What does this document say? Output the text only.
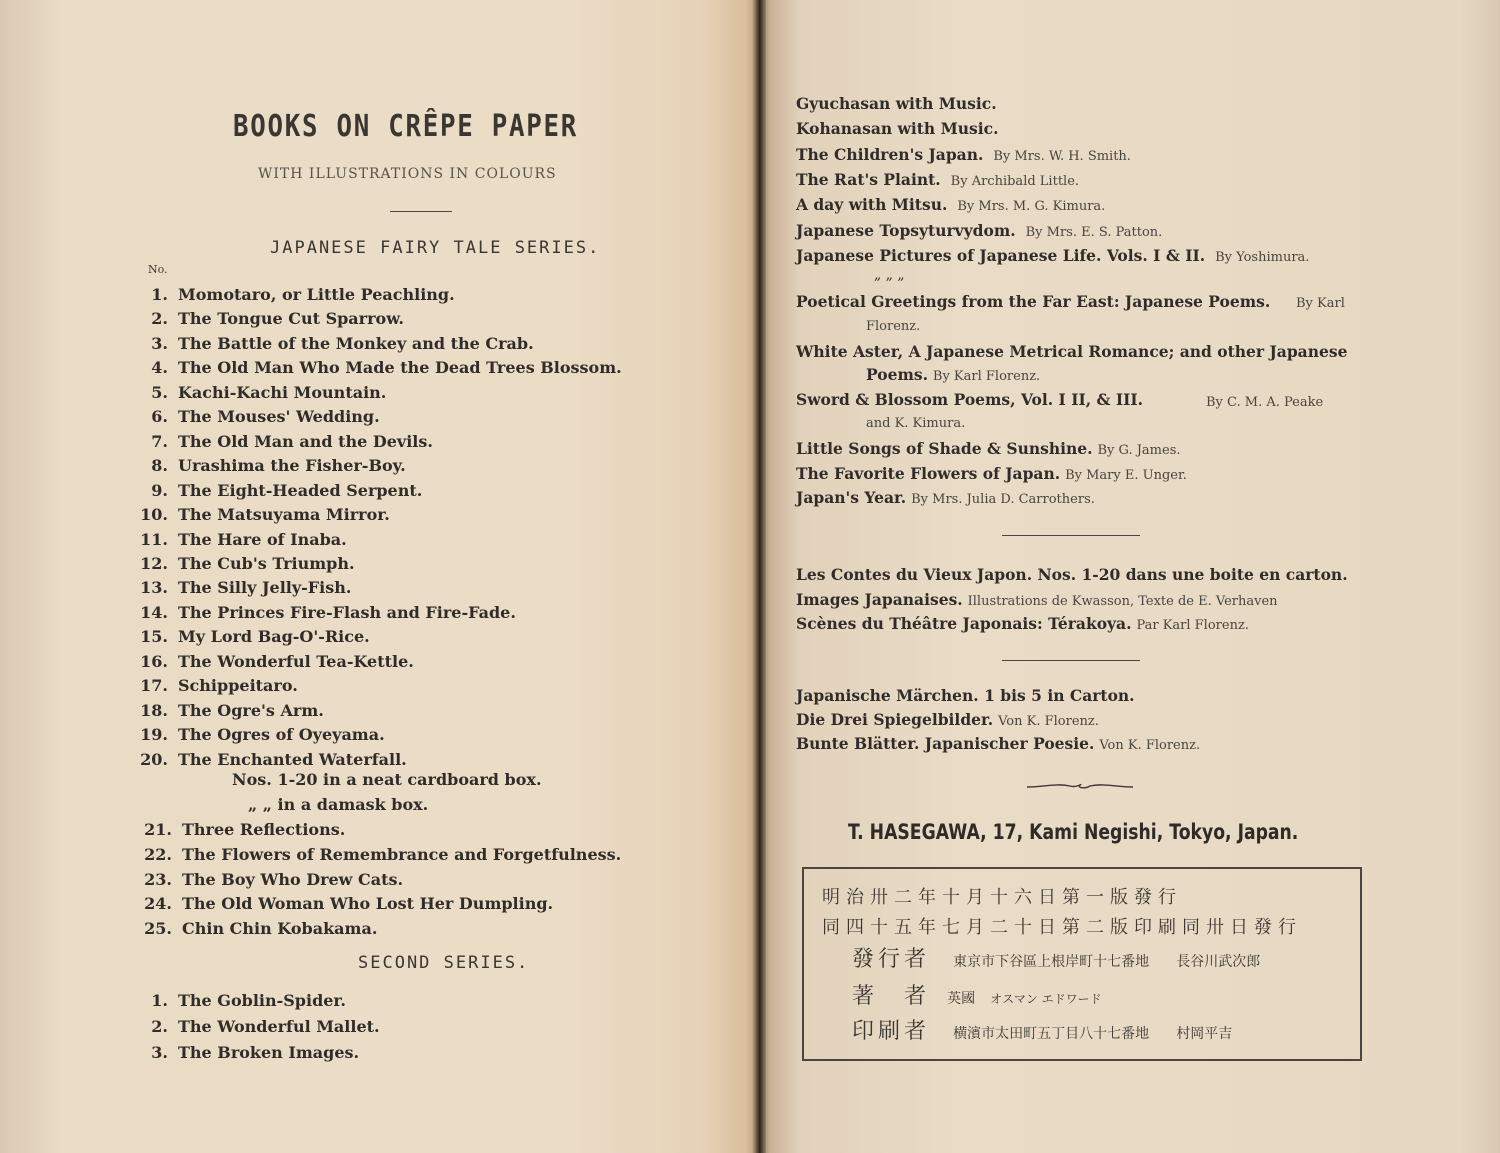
BOOKS ON CRÊPE PAPER
WITH ILLUSTRATIONS IN COLOURS
JAPANESE FAIRY TALE SERIES.
No.
1. Momotaro, or Little Peachling.
2. The Tongue Cut Sparrow.
3. The Battle of the Monkey and the Crab.
4. The Old Man Who Made the Dead Trees Blossom.
5. Kachi-Kachi Mountain.
6. The Mouses' Wedding.
7. The Old Man and the Devils.
8. Urashima the Fisher-Boy.
9. The Eight-Headed Serpent.
10. The Matsuyama Mirror.
11. The Hare of Inaba.
12. The Cub's Triumph.
13. The Silly Jelly-Fish.
14. The Princes Fire-Flash and Fire-Fade.
15. My Lord Bag-O'-Rice.
16. The Wonderful Tea-Kettle.
17. Schippeitaro.
18. The Ogre's Arm.
19. The Ogres of Oyeyama.
20. The Enchanted Waterfall.
Nos. 1-20 in a neat cardboard box.
„ „ in a damask box.
21. Three Reflections.
22. The Flowers of Remembrance and Forgetfulness.
23. The Boy Who Drew Cats.
24. The Old Woman Who Lost Her Dumpling.
25. Chin Chin Kobakama.
SECOND SERIES.
1. The Goblin-Spider.
2. The Wonderful Mallet.
3. The Broken Images.
Gyuchasan with Music.
Kohanasan with Music.
The Children's Japan. By Mrs. W. H. Smith.
The Rat's Plaint. By Archibald Little.
A day with Mitsu. By Mrs. M. G. Kimura.
Japanese Topsyturvydom. By Mrs. E. S. Patton.
Japanese Pictures of Japanese Life. Vols. I & II. By Yoshimura.
„ „ „
Poetical Greetings from the Far East: Japanese Poems. By Karl
Florenz.
White Aster, A Japanese Metrical Romance; and other Japanese
Poems. By Karl Florenz.
Sword & Blossom Poems, Vol. I II, & III.	By C. M. A. Peake
and K. Kimura.
Little Songs of Shade & Sunshine. By G. James.
The Favorite Flowers of Japan. By Mary E. Unger.
Japan's Year. By Mrs. Julia D. Carrothers.
Les Contes du Vieux Japon. Nos. 1-20 dans une boite en carton.
Images Japanaises. Illustrations de Kwasson, Texte de E. Verhaven
Scènes du Théâtre Japonais: Térakoya. Par Karl Florenz.
Japanische Märchen. 1 bis 5 in Carton.
Die Drei Spiegelbilder. Von K. Florenz.
Bunte Blätter. Japanischer Poesie. Von K. Florenz.
T. HASEGAWA, 17, Kami Negishi, Tokyo, Japan.
明治卅二年十月十六日第一版發行
同四十五年七月二十日第二版印刷同卅日發行
發行者 東京市下谷區上根岸町十七番地 長谷川武次郎
著　者 英國 オスマン エドワード
印刷者 横濱市太田町五丁目八十七番地 村岡平吉
